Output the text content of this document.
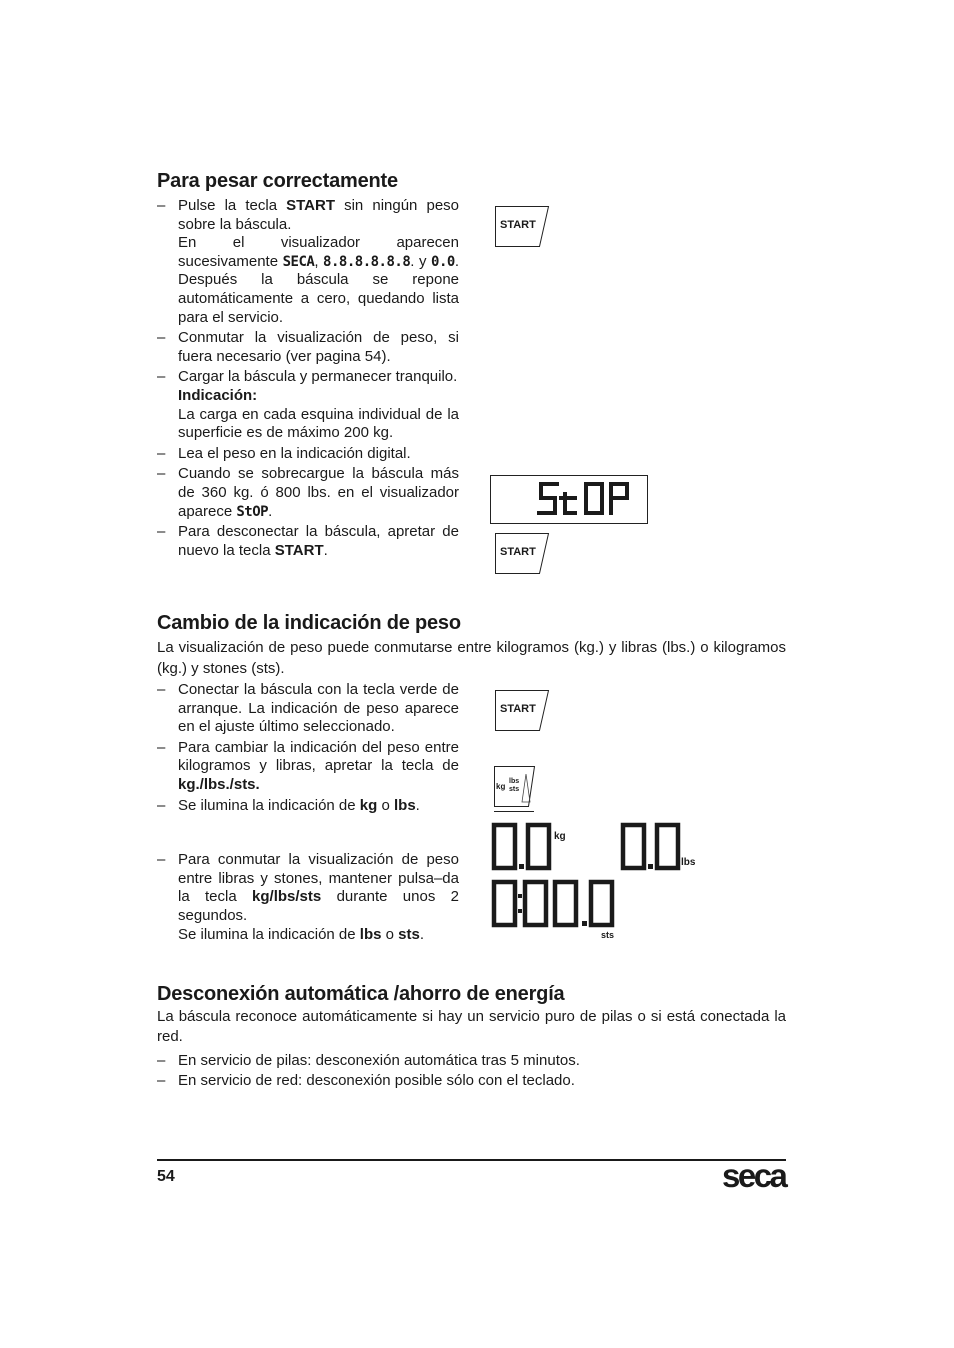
Para pesar correctamente
– Pulse la tecla START sin ningún peso sobre la báscula.
En el visualizador aparecen sucesivamente SECA, 8.8.8.8.8.8. y 0.0. Después la báscula se repone automáticamente a cero, quedando lista para el servicio.
– Conmutar la visualización de peso, si fuera necesario (ver pagina 54).
– Cargar la báscula y permanecer tranquilo.
Indicación:
La carga en cada esquina individual de la superficie es de máximo 200 kg.
– Lea el peso en la indicación digital.
– Cuando se sobrecargue la báscula más de 360 kg. ó 800 lbs. en el visualizador aparece StOP.
– Para desconectar la báscula, apretar de nuevo la tecla START.
START
START
Cambio de la indicación de peso
La visualización de peso puede conmutarse entre kilogramos (kg.) y libras (lbs.) o kilogramos (kg.) y stones (sts).
– Conectar la báscula con la tecla verde de arranque. La indicación de peso aparece en el ajuste último seleccionado.
– Para cambiar la indicación del peso entre kilogramos y libras, apretar la tecla de kg./lbs./sts.
– Se ilumina la indicación de kg o lbs.
– Para conmutar la visualización de peso entre libras y stones, mantener pulsa–da la tecla kg/lbs/sts durante unos 2 segundos.
Se ilumina la indicación de lbs o sts.
START
kg
lbs
sts
kg
lbs
sts
Desconexión automática /ahorro de energía
La báscula reconoce automáticamente si hay un servicio puro de pilas o si está conectada la red.
– En servicio de pilas: desconexión automática tras 5 minutos.
– En servicio de red: desconexión posible sólo con el teclado.
54	seca
